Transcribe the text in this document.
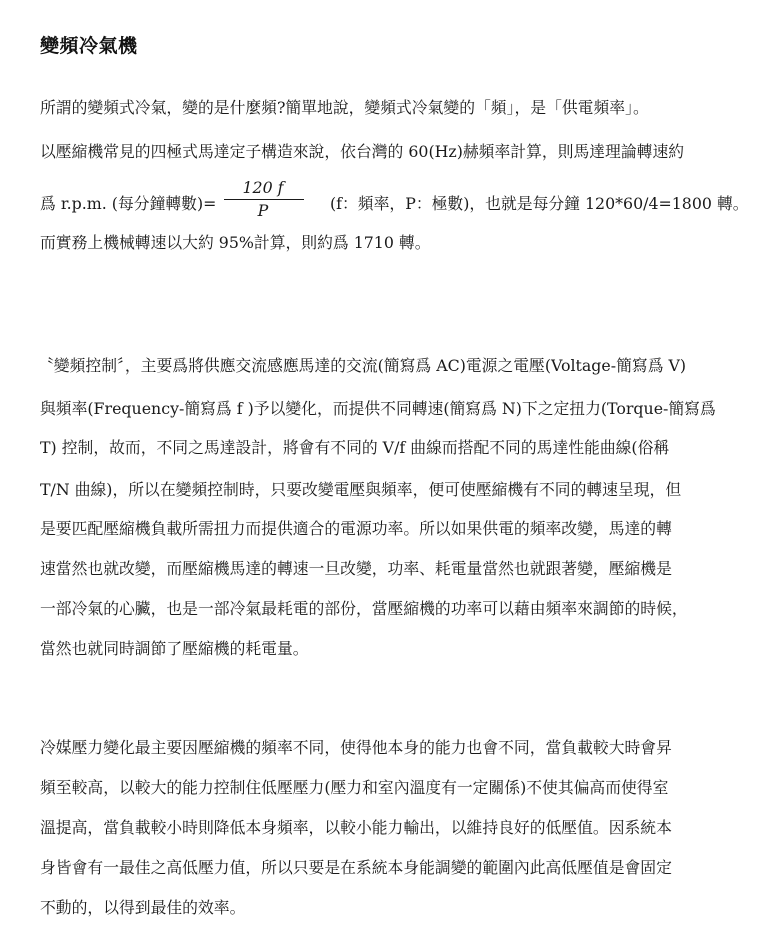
變頻冷氣機
所謂的變頻式冷氣，變的是什麼頻?簡單地說，變頻式冷氣變的「頻」，是「供電頻率」。
以壓縮機常見的四極式馬達定子構造來說，依台灣的 60(Hz)赫頻率計算，則馬達理論轉速約
爲 r.p.m. (每分鐘轉數)=
120 f
P	(f：頻率，P：極數)，也就是每分鐘 120*60/4=1800 轉。
而實務上機械轉速以大約 95%計算，則約爲 1710 轉。
〝變頻控制〞，主要爲將供應交流感應馬達的交流(簡寫爲 AC)電源之電壓(Voltage-簡寫爲 V)
與頻率(Frequency-簡寫爲 f )予以變化，而提供不同轉速(簡寫爲 N)下之定扭力(Torque-簡寫爲
T) 控制，故而，不同之馬達設計，將會有不同的 V/f 曲線而搭配不同的馬達性能曲線(俗稱
T/N 曲線)，所以在變頻控制時，只要改變電壓與頻率，便可使壓縮機有不同的轉速呈現，但
是要匹配壓縮機負載所需扭力而提供適合的電源功率。所以如果供電的頻率改變，馬達的轉
速當然也就改變，而壓縮機馬達的轉速一旦改變，功率、耗電量當然也就跟著變，壓縮機是
一部冷氣的心臟，也是一部冷氣最耗電的部份，當壓縮機的功率可以藉由頻率來調節的時候，
當然也就同時調節了壓縮機的耗電量。
冷媒壓力變化最主要因壓縮機的頻率不同，使得他本身的能力也會不同，當負載較大時會昇
頻至較高，以較大的能力控制住低壓壓力(壓力和室內溫度有一定關係)不使其偏高而使得室
溫提高，當負載較小時則降低本身頻率，以較小能力輸出，以維持良好的低壓值。因系統本
身皆會有一最佳之高低壓力值，所以只要是在系統本身能調變的範圍內此高低壓值是會固定
不動的，以得到最佳的效率。
